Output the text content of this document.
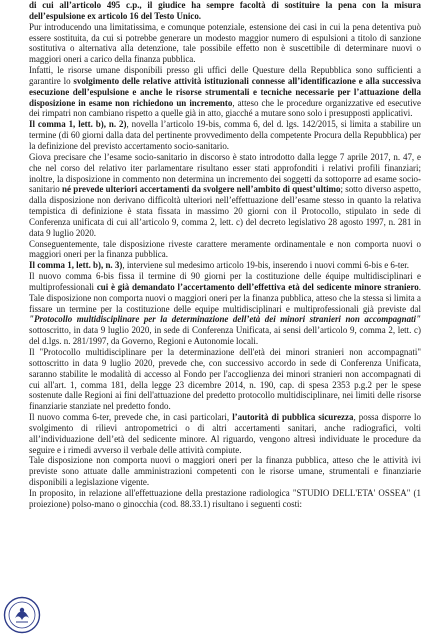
di cui all’articolo 495 c.p., il giudice ha sempre facoltà di sostituire la pena con la misura dell’espulsione ex articolo 16 del Testo Unico.

Pur introducendo una limitatissima, e comunque potenziale, estensione dei casi in cui la pena detentiva può essere sostituita, da cui si potrebbe generare un modesto maggior numero di espulsioni a titolo di sanzione sostitutiva o alternativa alla detenzione, tale possibile effetto non è suscettibile di determinare nuovi o maggiori oneri a carico della finanza pubblica.

Infatti, le risorse umane disponibili presso gli uffici delle Questure della Repubblica sono sufficienti a garantire lo svolgimento delle relative attività istituzionali connesse all’identificazione e alla successiva esecuzione dell’espulsione e anche le risorse strumentali e tecniche necessarie per l’attuazione della disposizione in esame non richiedono un incremento, atteso che le procedure organizzative ed esecutive dei rimpatri non cambiano rispetto a quelle già in atto, giacché a mutare sono solo i presupposti applicativi.

Il comma 1, lett. b), n. 2), novella l’articolo 19-bis, comma 6, del d. lgs. 142/2015, si limita a stabilire un termine (di 60 giorni dalla data del pertinente provvedimento della competente Procura della Repubblica) per la definizione del previsto accertamento socio-sanitario.

Giova precisare che l’esame socio-sanitario in discorso è stato introdotto dalla legge 7 aprile 2017, n. 47, e che nel corso del relativo iter parlamentare risultano esser stati approfonditi i relativi profili finanziari; inoltre, la disposizione in commento non determina un incremento dei soggetti da sottoporre ad esame socio-sanitario né prevede ulteriori accertamenti da svolgere nell’ambito di quest’ultimo; sotto diverso aspetto, dalla disposizione non derivano difficoltà ulteriori nell’effettuazione dell’esame stesso in quanto la relativa tempistica di definizione è stata fissata in massimo 20 giorni con il Protocollo, stipulato in sede di Conferenza unificata di cui all’articolo 9, comma 2, lett. c) del decreto legislativo 28 agosto 1997, n. 281 in data 9 luglio 2020.

Conseguentemente, tale disposizione riveste carattere meramente ordinamentale e non comporta nuovi o maggiori oneri per la finanza pubblica.

Il comma 1, lett. b), n. 3), interviene sul medesimo articolo 19-bis, inserendo i nuovi commi 6-bis e 6-ter.

Il nuovo comma 6-bis fissa il termine di 90 giorni per la costituzione delle équipe multidisciplinari e multiprofessionali cui è già demandato l’accertamento dell’effettiva età del sedicente minore straniero. Tale disposizione non comporta nuovi o maggiori oneri per la finanza pubblica, atteso che la stessa si limita a fissare un termine per la costituzione delle equipe multidisciplinari e multiprofessionali già previste dal "Protocollo multidisciplinare per la determinazione dell’età dei minori stranieri non accompagnati" sottoscritto, in data 9 luglio 2020, in sede di Conferenza Unificata, ai sensi dell’articolo 9, comma 2, lett. c) del d.lgs. n. 281/1997, da Governo, Regioni e Autonomie locali.

Il "Protocollo multidisciplinare per la determinazione dell'età dei minori stranieri non accompagnati" sottoscritto in data 9 luglio 2020, prevede che, con successivo accordo in sede di Conferenza Unificata, saranno stabilite le modalità di accesso al Fondo per l'accoglienza dei minori stranieri non accompagnati di cui all'art. 1, comma 181, della legge 23 dicembre 2014, n. 190, cap. di spesa 2353 p.g.2 per le spese sostenute dalle Regioni ai fini dell'attuazione del predetto protocollo multidisciplinare, nei limiti delle risorse finanziarie stanziate nel predetto fondo.

Il nuovo comma 6-ter, prevede che, in casi particolari, l’autorità di pubblica sicurezza, possa disporre lo svolgimento di rilievi antropometrici o di altri accertamenti sanitari, anche radiografici, volti all’individuazione dell’età del sedicente minore. Al riguardo, vengono altresì individuate le procedure da seguire e i rimedi avverso il verbale delle attività compiute.

Tale disposizione non comporta nuovi o maggiori oneri per la finanza pubblica, atteso che le attività ivi previste sono attuate dalle amministrazioni competenti con le risorse umane, strumentali e finanziarie disponibili a legislazione vigente.

In proposito, in relazione all'effettuazione della prestazione radiologica "STUDIO DELL'ETA' OSSEA" (1 proiezione) polso-mano o ginocchia (cod. 88.33.1) risultano i seguenti costi:
